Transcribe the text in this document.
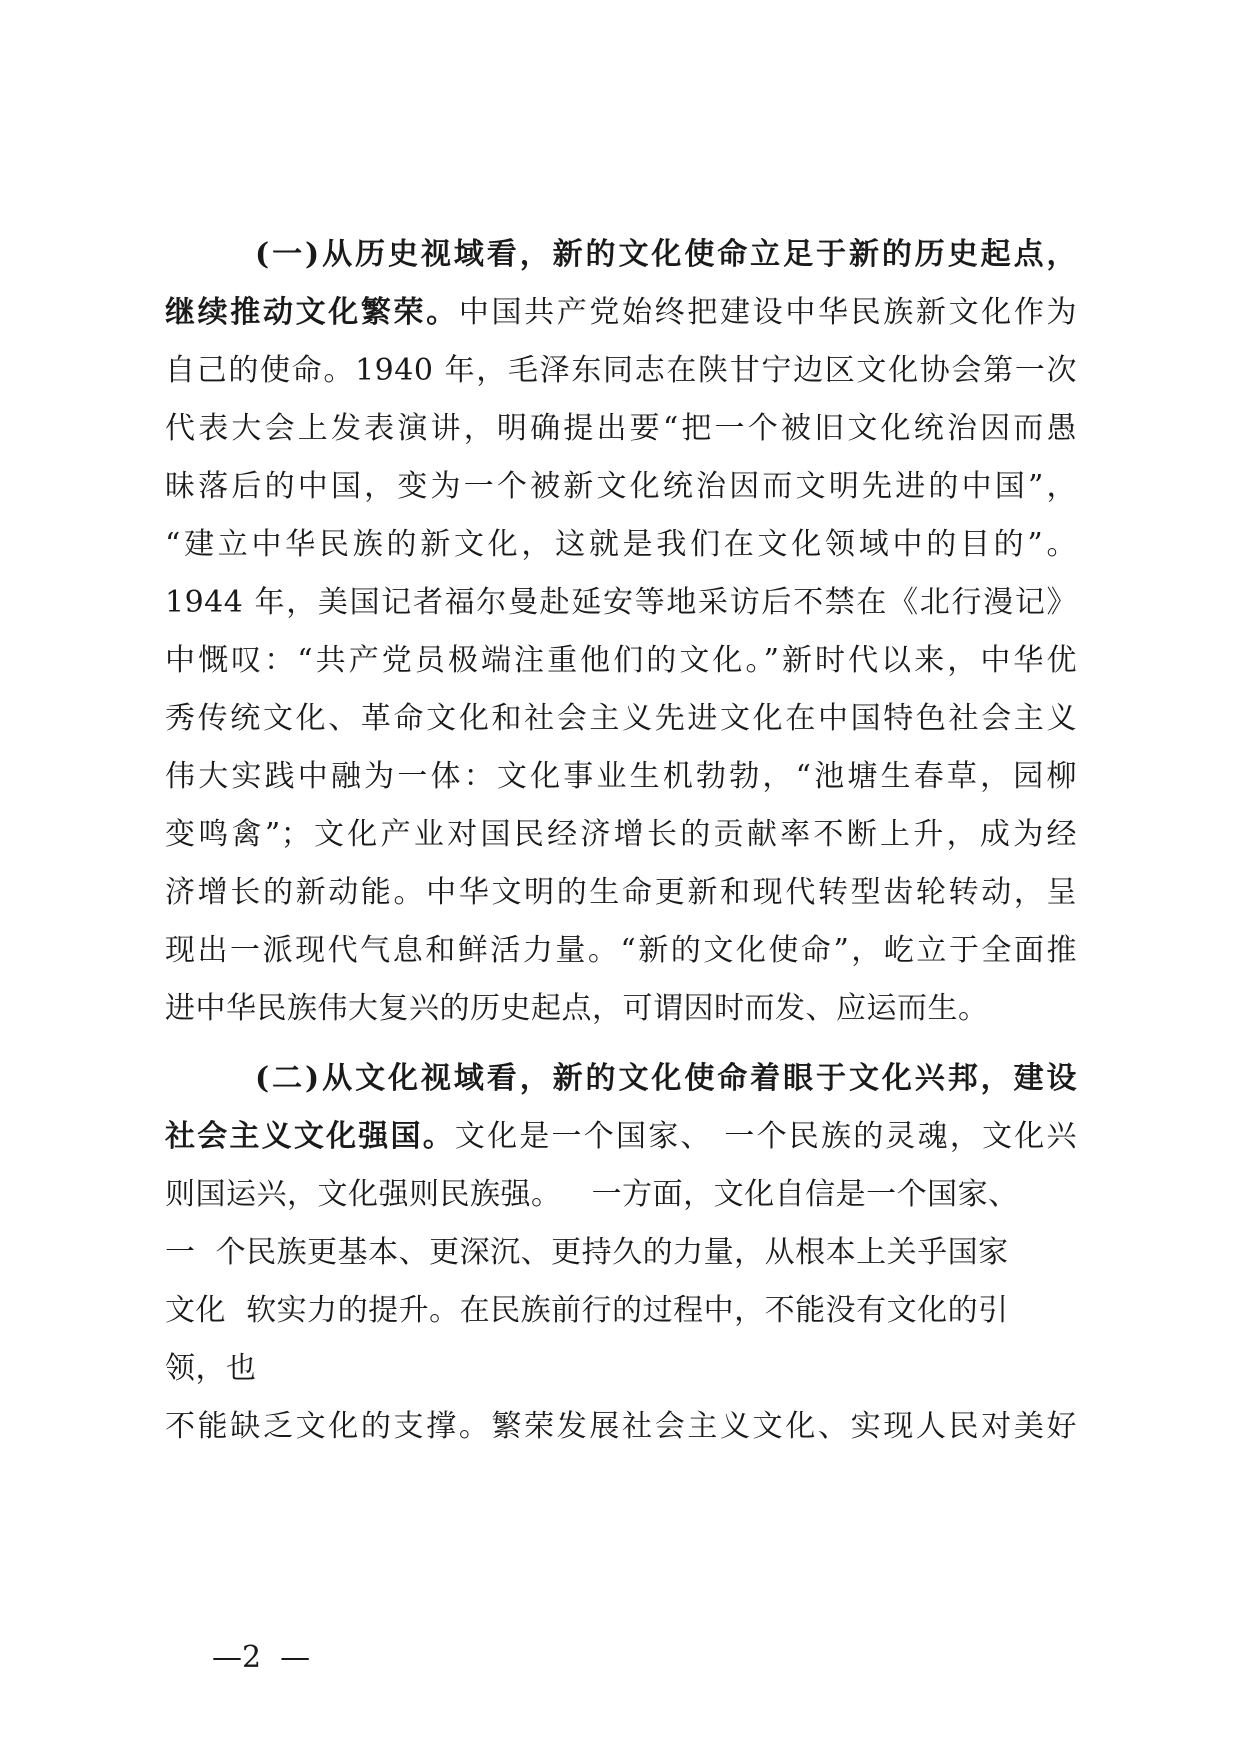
(一)从历史视域看，新的文化使命立足于新的历史起点，
继续推动文化繁荣。中国共产党始终把建设中华民族新文化作为
自己的使命。1940 年，毛泽东同志在陕甘宁边区文化协会第一次
代表大会上发表演讲，明确提出要“把一个被旧文化统治因而愚
昧落后的中国，变为一个被新文化统治因而文明先进的中国”，
“建立中华民族的新文化，这就是我们在文化领域中的目的”。
1944 年，美国记者福尔曼赴延安等地采访后不禁在《北行漫记》
中慨叹：“共产党员极端注重他们的文化。”新时代以来，中华优
秀传统文化、革命文化和社会主义先进文化在中国特色社会主义
伟大实践中融为一体：文化事业生机勃勃，“池塘生春草，园柳
变鸣禽”；文化产业对国民经济增长的贡献率不断上升，成为经
济增长的新动能。中华文明的生命更新和现代转型齿轮转动，呈
现出一派现代气息和鲜活力量。“新的文化使命”，屹立于全面推
进中华民族伟大复兴的历史起点，可谓因时而发、应运而生。

(二)从文化视域看，新的文化使命着眼于文化兴邦，建设
社会主义文化强国。文化是一个国家、 一个民族的灵魂，文化兴
则国运兴，文化强则民族强。   一方面，文化自信是一个国家、
一  个民族更基本、更深沉、更持久的力量，从根本上关乎国家
文化  软实力的提升。在民族前行的过程中，不能没有文化的引
领，也
不能缺乏文化的支撑。繁荣发展社会主义文化、实现人民对美好

—2  —
